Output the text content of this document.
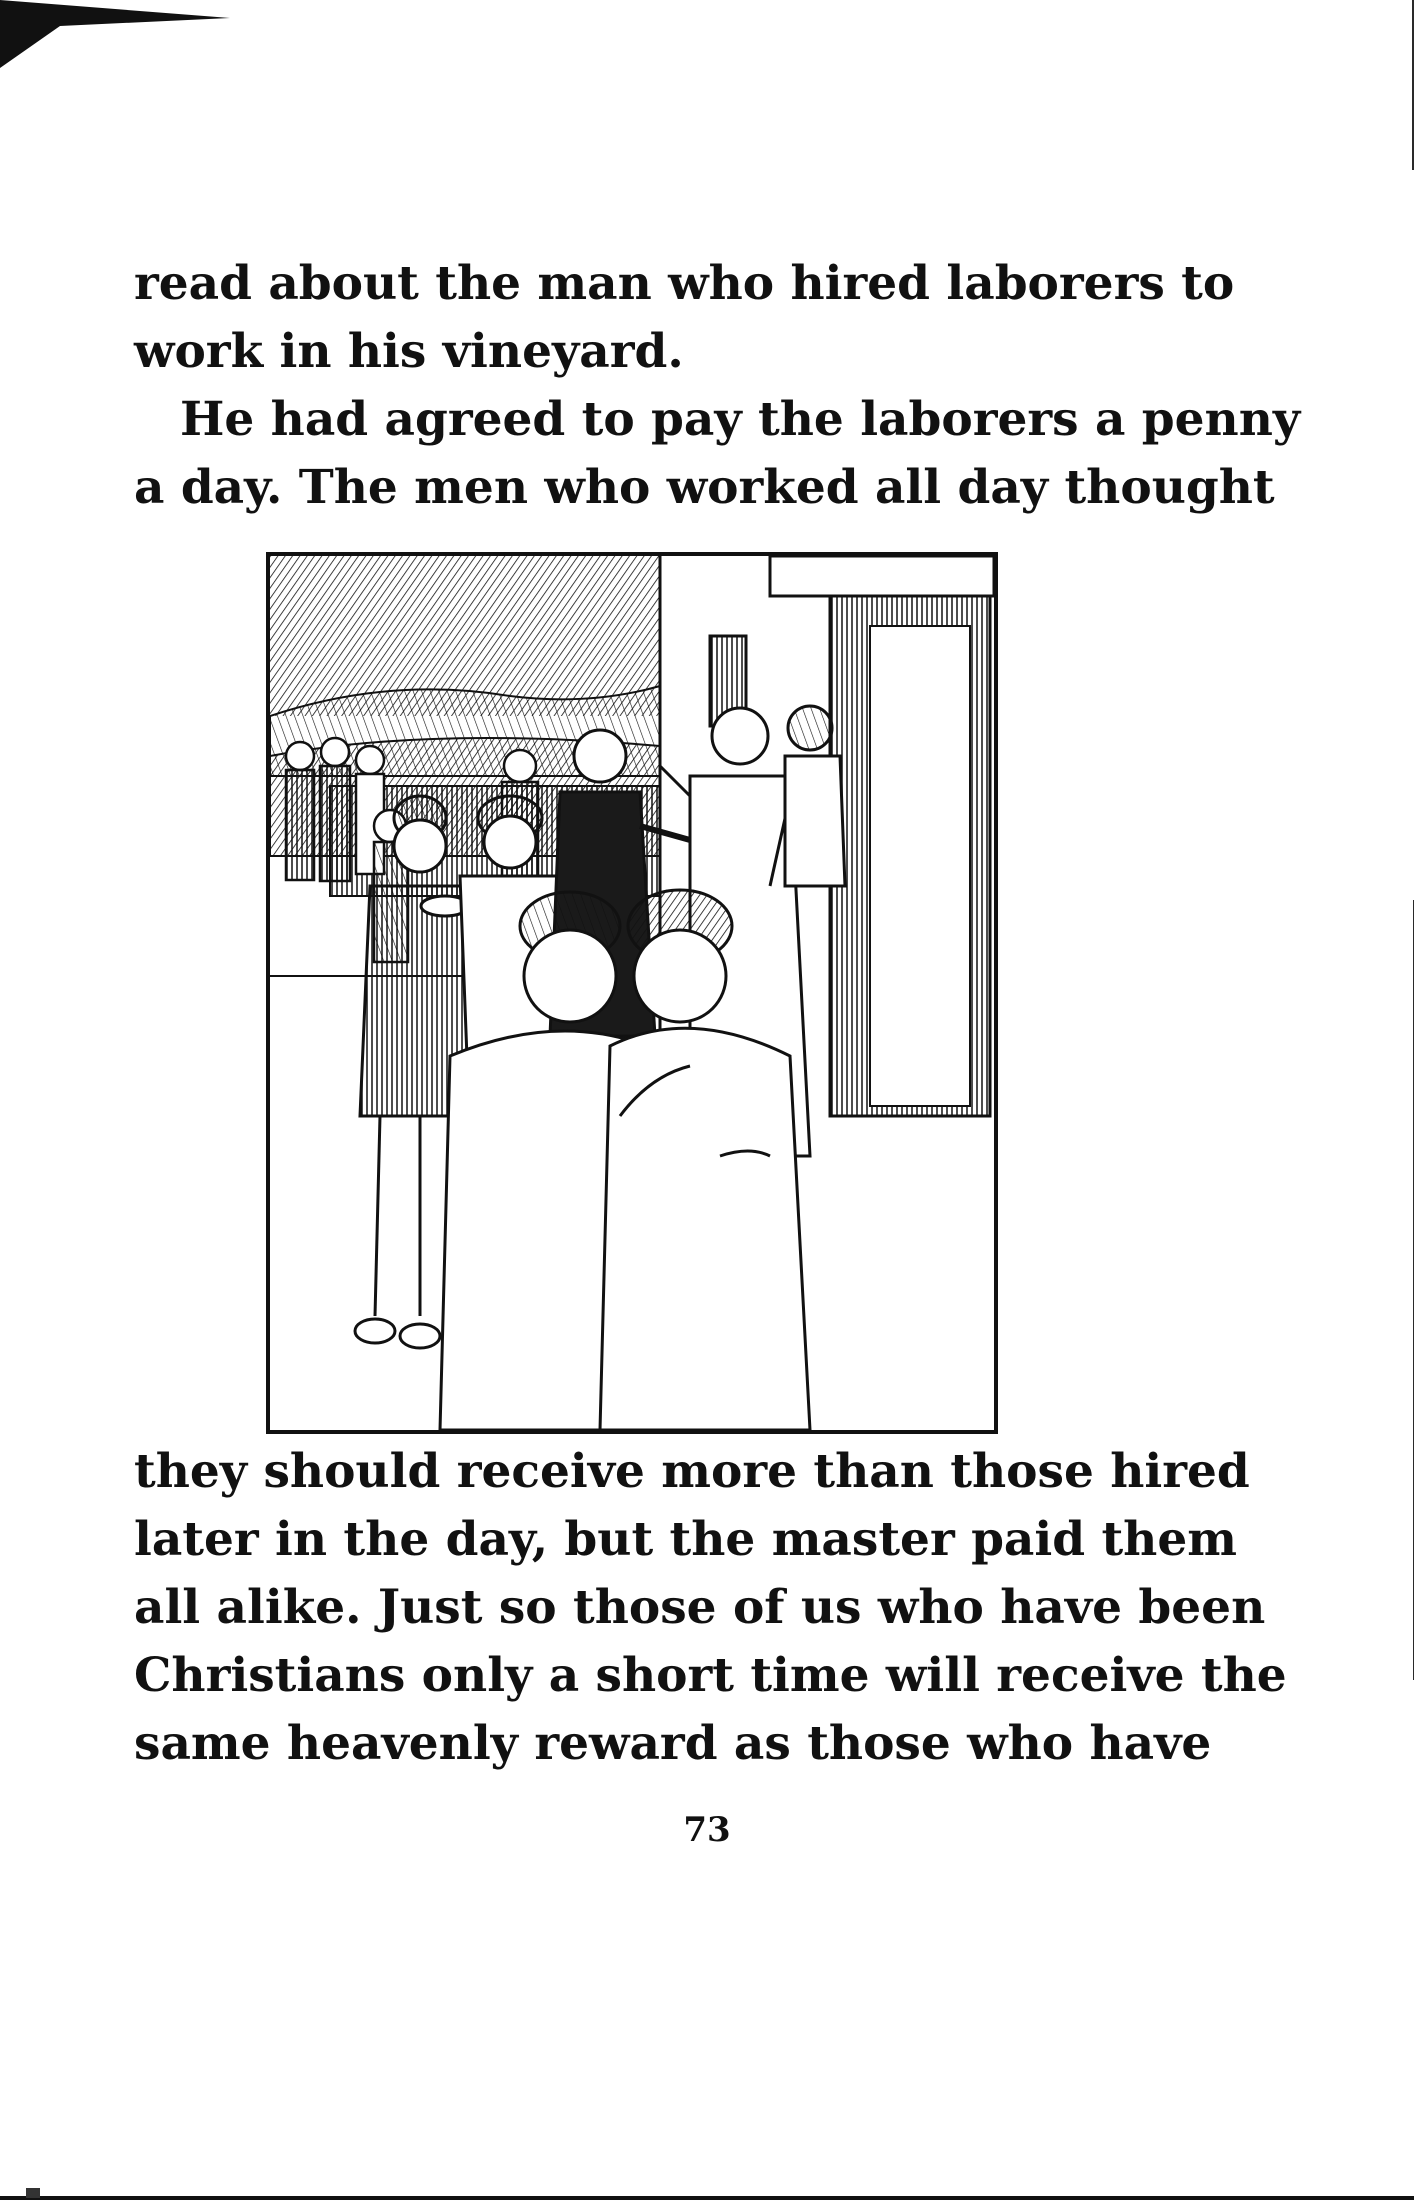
read about the man who hired laborers to
work in his vineyard.
He had agreed to pay the laborers a penny
a day. The men who worked all day thought
they should receive more than those hired
later in the day, but the master paid them
all alike. Just so those of us who have been
Christians only a short time will receive the
same heavenly reward as those who have
73
